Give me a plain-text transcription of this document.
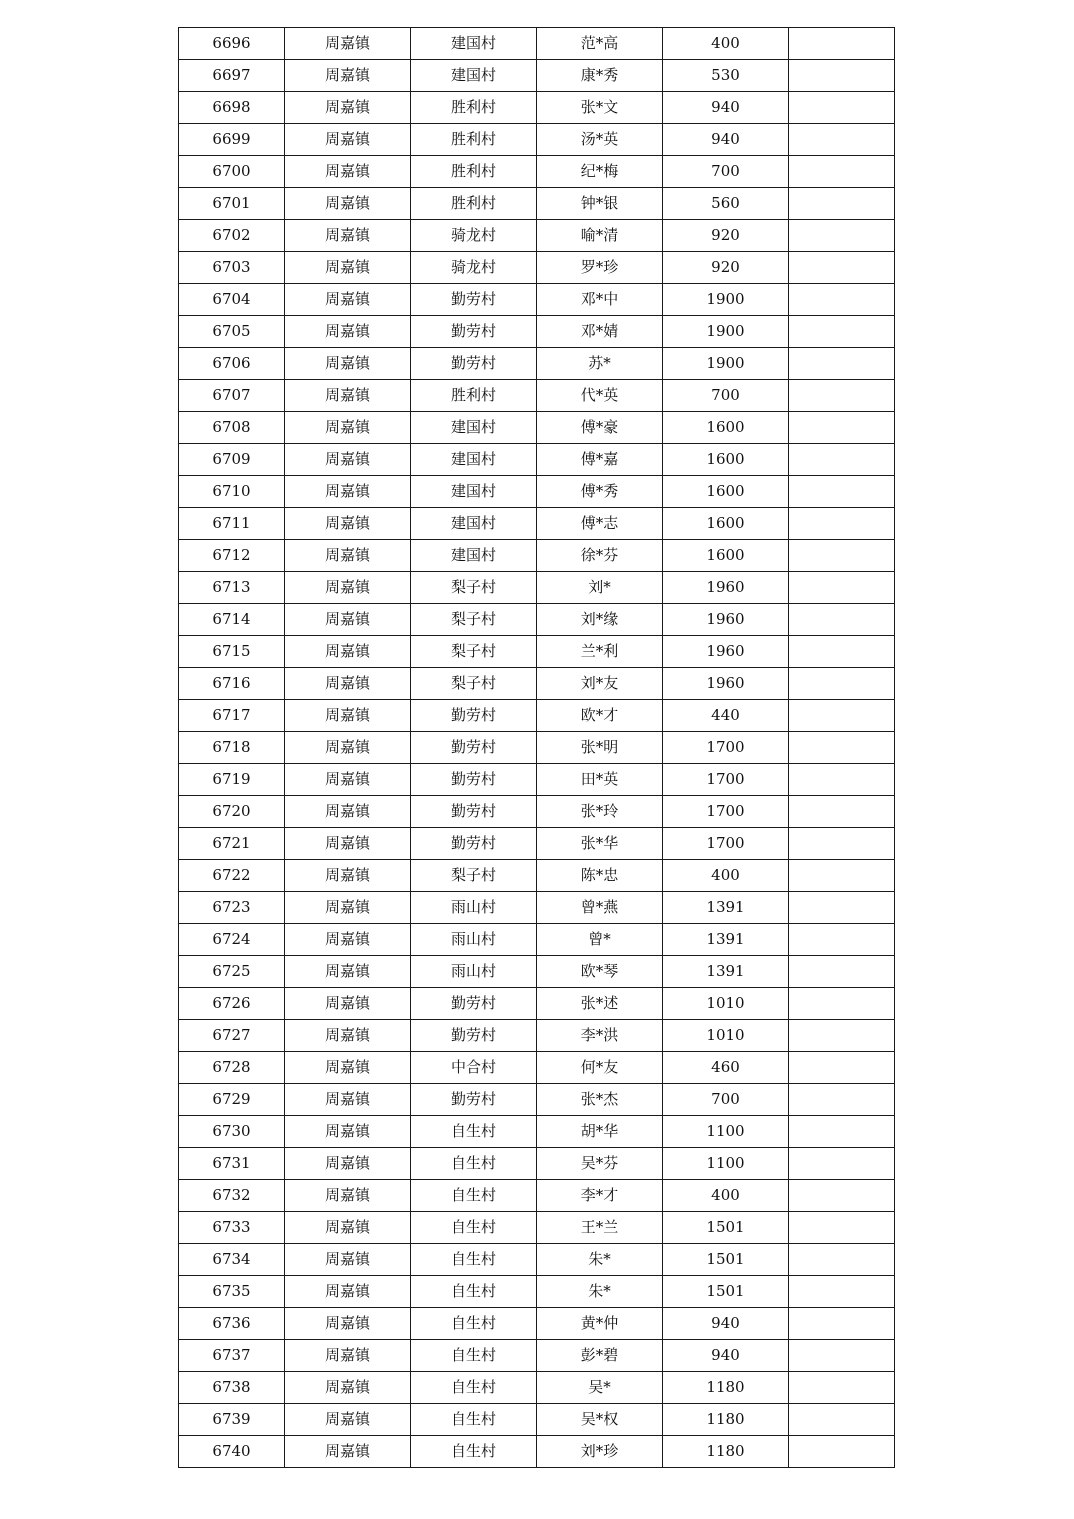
6696	周嘉镇	建国村	范*高	400	
6697	周嘉镇	建国村	康*秀	530	
6698	周嘉镇	胜利村	张*文	940	
6699	周嘉镇	胜利村	汤*英	940	
6700	周嘉镇	胜利村	纪*梅	700	
6701	周嘉镇	胜利村	钟*银	560	
6702	周嘉镇	骑龙村	喻*清	920	
6703	周嘉镇	骑龙村	罗*珍	920	
6704	周嘉镇	勤劳村	邓*中	1900	
6705	周嘉镇	勤劳村	邓*婧	1900	
6706	周嘉镇	勤劳村	苏*	1900	
6707	周嘉镇	胜利村	代*英	700	
6708	周嘉镇	建国村	傅*豪	1600	
6709	周嘉镇	建国村	傅*嘉	1600	
6710	周嘉镇	建国村	傅*秀	1600	
6711	周嘉镇	建国村	傅*志	1600	
6712	周嘉镇	建国村	徐*芬	1600	
6713	周嘉镇	梨子村	刘*	1960	
6714	周嘉镇	梨子村	刘*缘	1960	
6715	周嘉镇	梨子村	兰*利	1960	
6716	周嘉镇	梨子村	刘*友	1960	
6717	周嘉镇	勤劳村	欧*才	440	
6718	周嘉镇	勤劳村	张*明	1700	
6719	周嘉镇	勤劳村	田*英	1700	
6720	周嘉镇	勤劳村	张*玲	1700	
6721	周嘉镇	勤劳村	张*华	1700	
6722	周嘉镇	梨子村	陈*忠	400	
6723	周嘉镇	雨山村	曾*燕	1391	
6724	周嘉镇	雨山村	曾*	1391	
6725	周嘉镇	雨山村	欧*琴	1391	
6726	周嘉镇	勤劳村	张*述	1010	
6727	周嘉镇	勤劳村	李*洪	1010	
6728	周嘉镇	中合村	何*友	460	
6729	周嘉镇	勤劳村	张*杰	700	
6730	周嘉镇	自生村	胡*华	1100	
6731	周嘉镇	自生村	吴*芬	1100	
6732	周嘉镇	自生村	李*才	400	
6733	周嘉镇	自生村	王*兰	1501	
6734	周嘉镇	自生村	朱*	1501	
6735	周嘉镇	自生村	朱*	1501	
6736	周嘉镇	自生村	黄*仲	940	
6737	周嘉镇	自生村	彭*碧	940	
6738	周嘉镇	自生村	吴*	1180	
6739	周嘉镇	自生村	吴*权	1180	
6740	周嘉镇	自生村	刘*珍	1180	
